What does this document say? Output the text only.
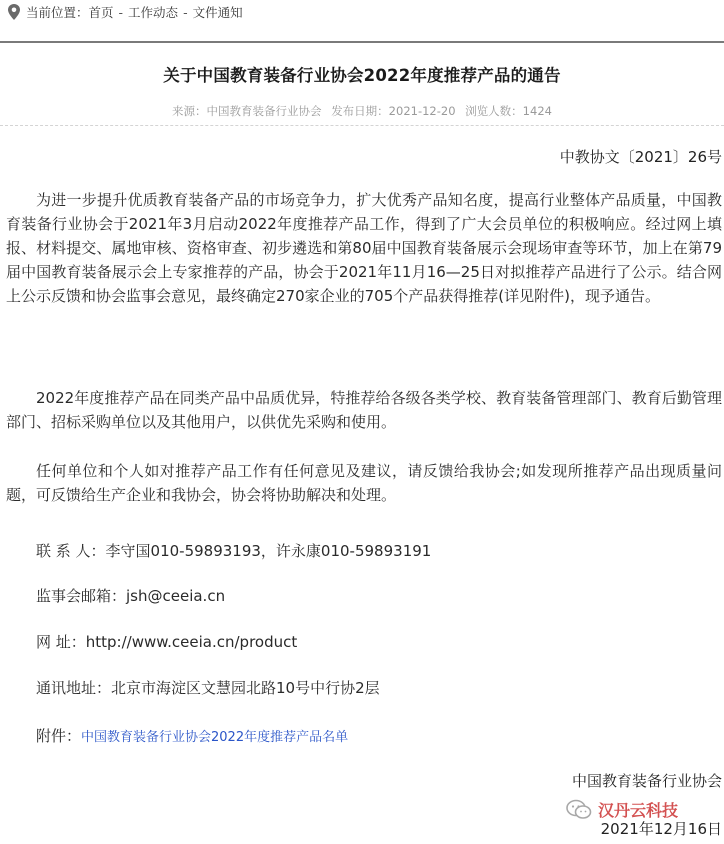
当前位置： 首页 - 工作动态 - 文件通知
关于中国教育装备行业协会2022年度推荐产品的通告
来源：中国教育装备行业协会 发布日期：2021-12-20 浏览人数：1424
中教协文〔2021〕26号

为进一步提升优质教育装备产品的市场竞争力，扩大优秀产品知名度，提高行业整体产品质量，中国教育装备行业协会于2021年3月启动2022年度推荐产品工作，得到了广大会员单位的积极响应。经过网上填报、材料提交、属地审核、资格审查、初步遴选和第80届中国教育装备展示会现场审查等环节，加上在第79届中国教育装备展示会上专家推荐的产品，协会于2021年11月16—25日对拟推荐产品进行了公示。结合网上公示反馈和协会监事会意见，最终确定270家企业的705个产品获得推荐(详见附件)，现予通告。

2022年度推荐产品在同类产品中品质优异，特推荐给各级各类学校、教育装备管理部门、教育后勤管理部门、招标采购单位以及其他用户，以供优先采购和使用。

任何单位和个人如对推荐产品工作有任何意见及建议，请反馈给我协会;如发现所推荐产品出现质量问题，可反馈给生产企业和我协会，协会将协助解决和处理。

联 系 人：李守国010-59893193，许永康010-59893191
监事会邮箱：jsh@ceeia.cn
网 址：http://www.ceeia.cn/product
通讯地址：北京市海淀区文慧园北路10号中行协2层
附件：中国教育装备行业协会2022年度推荐产品名单
中国教育装备行业协会
汉丹云科技
2021年12月16日
